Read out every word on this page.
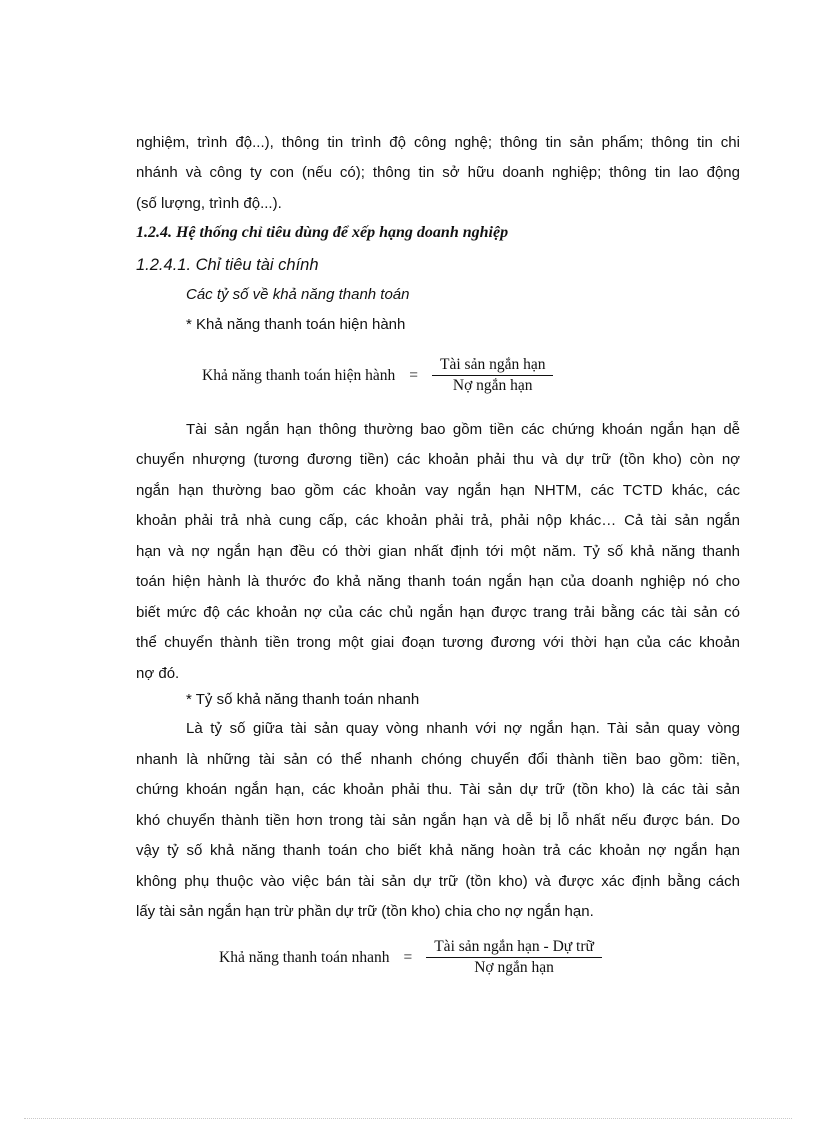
nghiệm, trình độ...), thông tin trình độ công nghệ; thông tin sản phẩm; thông tin chi

nhánh và công ty con (nếu có); thông tin sở hữu doanh nghiệp; thông tin lao động

(số lượng, trình độ...).

1.2.4. Hệ thống chỉ tiêu dùng để xếp hạng doanh nghiệp
1.2.4.1. Chỉ tiêu tài chính
Các tỷ số về khả năng thanh toán
* Khả năng thanh toán hiện hành
Khả năng thanh toán hiện hành = $\frac{\text{Tài sản ngắn hạn}}{\text{Nợ ngắn hạn}}$

Tài sản ngắn hạn thông thường bao gồm tiền các chứng khoán ngắn hạn dễ

chuyển nhượng (tương đương tiền) các khoản phải thu và dự trữ (tồn kho) còn nợ

ngắn hạn thường bao gồm các khoản vay ngắn hạn NHTM, các TCTD khác, các

khoản phải trả nhà cung cấp, các khoản phải trả, phải nộp khác… Cả tài sản ngắn

hạn và nợ ngắn hạn đều có thời gian nhất định tới một năm. Tỷ số khả năng thanh

toán hiện hành là thước đo khả năng thanh toán ngắn hạn của doanh nghiệp nó cho

biết mức độ các khoản nợ của các chủ ngắn hạn được trang trải bằng các tài sản có

thể chuyển thành tiền trong một giai đoạn tương đương với thời hạn của các khoản

nợ đó.

* Tỷ số khả năng thanh toán nhanh

Là tỷ số giữa tài sản quay vòng nhanh với nợ ngắn hạn. Tài sản quay vòng

nhanh là những tài sản có thể nhanh chóng chuyển đổi thành tiền bao gồm: tiền,

chứng khoán ngắn hạn, các khoản phải thu. Tài sản dự trữ (tồn kho) là các tài sản

khó chuyển thành tiền hơn trong tài sản ngắn hạn và dễ bị lỗ nhất nếu được bán. Do

vậy tỷ số khả năng thanh toán cho biết khả năng hoàn trả các khoản nợ ngắn hạn

không phụ thuộc vào việc bán tài sản dự trữ (tồn kho) và được xác định bằng cách

lấy tài sản ngắn hạn trừ phần dự trữ (tồn kho) chia cho nợ ngắn hạn.

Khả năng thanh toán nhanh = $\frac{\text{Tài sản ngắn hạn - Dự trữ}}{\text{Nợ ngắn hạn}}$
